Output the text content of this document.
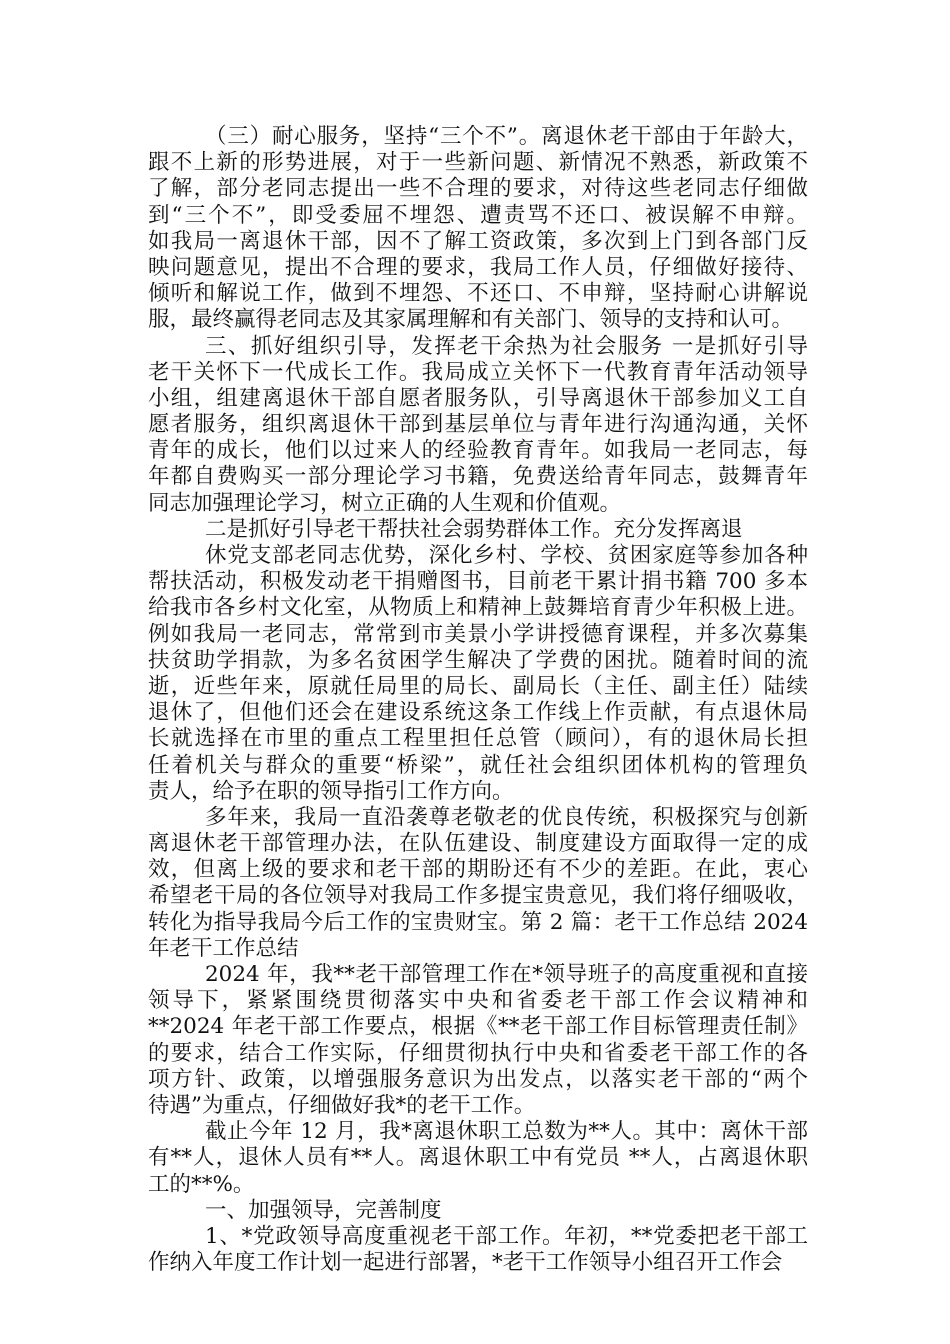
（三）耐心服务，坚持“三个不”。离退休老干部由于年龄大，
跟不上新的形势进展，对于一些新问题、新情况不熟悉，新政策不
了解，部分老同志提出一些不合理的要求，对待这些老同志仔细做
到“三个不”，即受委屈不埋怨、遭责骂不还口、被误解不申辩。
如我局一离退休干部，因不了解工资政策，多次到上门到各部门反
映问题意见，提出不合理的要求，我局工作人员，仔细做好接待、
倾听和解说工作，做到不埋怨、不还口、不申辩，坚持耐心讲解说
服，最终赢得老同志及其家属理解和有关部门、领导的支持和认可。
三、抓好组织引导，发挥老干余热为社会服务 一是抓好引导
老干关怀下一代成长工作。我局成立关怀下一代教育青年活动领导
小组，组建离退休干部自愿者服务队，引导离退休干部参加义工自
愿者服务，组织离退休干部到基层单位与青年进行沟通沟通，关怀
青年的成长，他们以过来人的经验教育青年。如我局一老同志，每
年都自费购买一部分理论学习书籍，免费送给青年同志，鼓舞青年
同志加强理论学习，树立正确的人生观和价值观。
二是抓好引导老干帮扶社会弱势群体工作。充分发挥离退
休党支部老同志优势，深化乡村、学校、贫困家庭等参加各种
帮扶活动，积极发动老干捐赠图书，目前老干累计捐书籍 700 多本
给我市各乡村文化室，从物质上和精神上鼓舞培育青少年积极上进。
例如我局一老同志，常常到市美景小学讲授德育课程，并多次募集
扶贫助学捐款，为多名贫困学生解决了学费的困扰。随着时间的流
逝，近些年来，原就任局里的局长、副局长（主任、副主任）陆续
退休了，但他们还会在建设系统这条工作线上作贡献，有点退休局
长就选择在市里的重点工程里担任总管（顾问），有的退休局长担
任着机关与群众的重要“桥梁”，就任社会组织团体机构的管理负
责人，给予在职的领导指引工作方向。
多年来，我局一直沿袭尊老敬老的优良传统，积极探究与创新
离退休老干部管理办法，在队伍建设、制度建设方面取得一定的成
效，但离上级的要求和老干部的期盼还有不少的差距。在此，衷心
希望老干局的各位领导对我局工作多提宝贵意见，我们将仔细吸收，
转化为指导我局今后工作的宝贵财宝。第 2 篇：老干工作总结 2024
年老干工作总结
2024 年，我**老干部管理工作在*领导班子的高度重视和直接
领导下，紧紧围绕贯彻落实中央和省委老干部工作会议精神和
**2024 年老干部工作要点，根据《**老干部工作目标管理责任制》
的要求，结合工作实际，仔细贯彻执行中央和省委老干部工作的各
项方针、政策，以增强服务意识为出发点，以落实老干部的“两个
待遇”为重点，仔细做好我*的老干工作。
截止今年 12 月，我*离退休职工总数为**人。其中：离休干部
有**人，退休人员有**人。离退休职工中有党员 **人，占离退休职
工的**%。
一、加强领导，完善制度
1、*党政领导高度重视老干部工作。年初，**党委把老干部工
作纳入年度工作计划一起进行部署，*老干工作领导小组召开工作会
